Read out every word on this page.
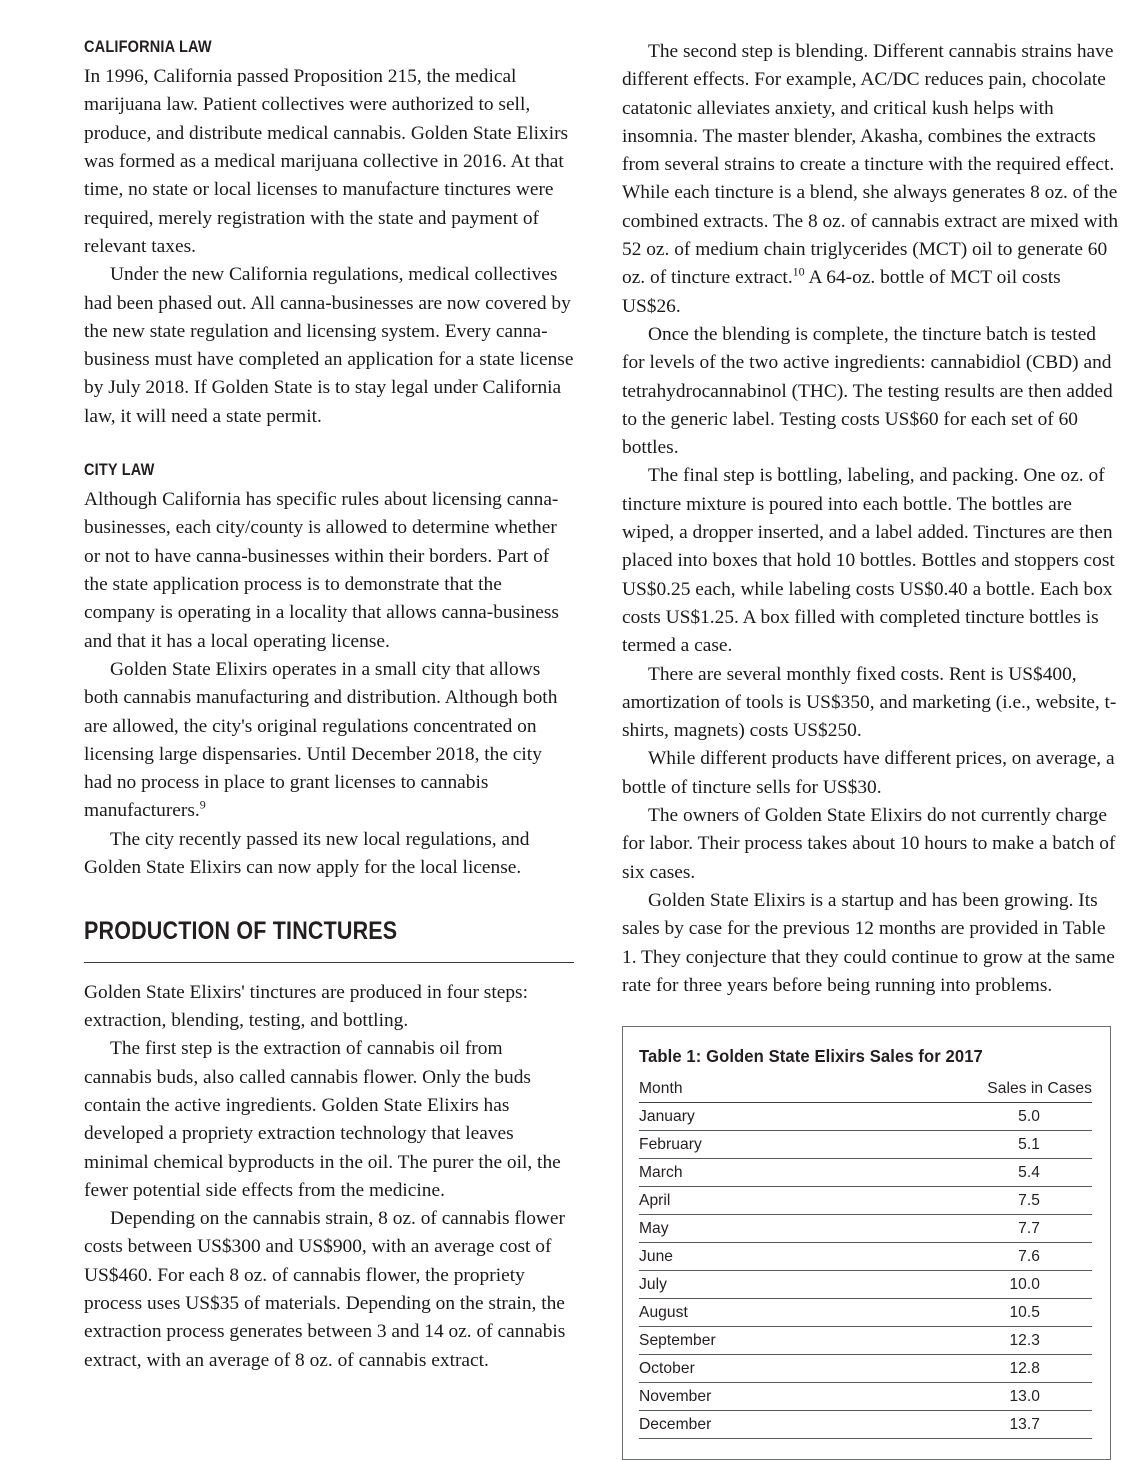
CALIFORNIA LAW

In 1996, California passed Proposition 215, the medical marijuana law. Patient collectives were authorized to sell, produce, and distribute medical cannabis. Golden State Elixirs was formed as a medical marijuana collective in 2016. At that time, no state or local licenses to manufacture tinctures were required, merely registration with the state and payment of relevant taxes.

Under the new California regulations, medical collectives had been phased out. All canna-businesses are now covered by the new state regulation and licensing system. Every canna-business must have completed an application for a state license by July 2018. If Golden State is to stay legal under California law, it will need a state permit.

CITY LAW

Although California has specific rules about licensing canna-businesses, each city/county is allowed to determine whether or not to have canna-businesses within their borders. Part of the state application process is to demonstrate that the company is operating in a locality that allows canna-business and that it has a local operating license.

Golden State Elixirs operates in a small city that allows both cannabis manufacturing and distribution. Although both are allowed, the city's original regulations concentrated on licensing large dispensaries. Until December 2018, the city had no process in place to grant licenses to cannabis manufacturers.$^9$

The city recently passed its new local regulations, and Golden State Elixirs can now apply for the local license.

PRODUCTION OF TINCTURES

Golden State Elixirs' tinctures are produced in four steps: extraction, blending, testing, and bottling.

The first step is the extraction of cannabis oil from cannabis buds, also called cannabis flower. Only the buds contain the active ingredients. Golden State Elixirs has developed a propriety extraction technology that leaves minimal chemical byproducts in the oil. The purer the oil, the fewer potential side effects from the medicine.

Depending on the cannabis strain, 8 oz. of cannabis flower costs between US$300 and US$900, with an average cost of US$460. For each 8 oz. of cannabis flower, the propriety process uses US$35 of materials. Depending on the strain, the extraction process generates between 3 and 14 oz. of cannabis extract, with an average of 8 oz. of cannabis extract.

The second step is blending. Different cannabis strains have different effects. For example, AC/DC reduces pain, chocolate catatonic alleviates anxiety, and critical kush helps with insomnia. The master blender, Akasha, combines the extracts from several strains to create a tincture with the required effect. While each tincture is a blend, she always generates 8 oz. of the combined extracts. The 8 oz. of cannabis extract are mixed with 52 oz. of medium chain triglycerides (MCT) oil to generate 60 oz. of tincture extract.$^{10}$ A 64-oz. bottle of MCT oil costs US$26.

Once the blending is complete, the tincture batch is tested for levels of the two active ingredients: cannabidiol (CBD) and tetrahydrocannabinol (THC). The testing results are then added to the generic label. Testing costs US$60 for each set of 60 bottles.

The final step is bottling, labeling, and packing. One oz. of tincture mixture is poured into each bottle. The bottles are wiped, a dropper inserted, and a label added. Tinctures are then placed into boxes that hold 10 bottles. Bottles and stoppers cost US$0.25 each, while labeling costs US$0.40 a bottle. Each box costs US$1.25. A box filled with completed tincture bottles is termed a case.

There are several monthly fixed costs. Rent is US$400, amortization of tools is US$350, and marketing (i.e., website, t-shirts, magnets) costs US$250.

While different products have different prices, on average, a bottle of tincture sells for US$30.

The owners of Golden State Elixirs do not currently charge for labor. Their process takes about 10 hours to make a batch of six cases.

Golden State Elixirs is a startup and has been growing. Its sales by case for the previous 12 months are provided in Table 1. They conjecture that they could continue to grow at the same rate for three years before being running into problems.

Table 1: Golden State Elixirs Sales for 2017
Month	Sales in Cases
January	5.0
February	5.1
March	5.4
April	7.5
May	7.7
June	7.6
July	10.0
August	10.5
September	12.3
October	12.8
November	13.0
December	13.7
